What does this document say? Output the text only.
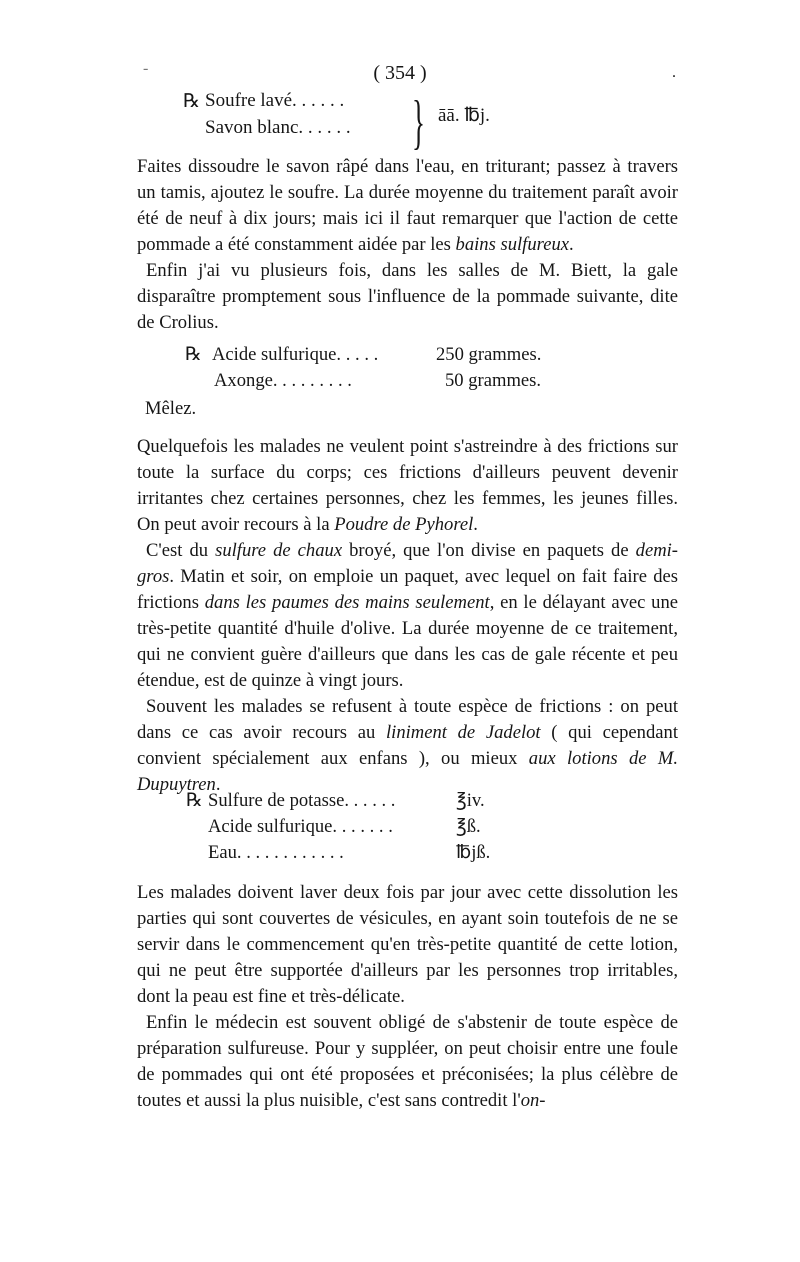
-	( 354 )	.
℞ Soufre lavé. . . . . .
Savon blanc. . . . . . } āā. ℔j.

Faites dissoudre le savon râpé dans l'eau, en triturant; passez à travers un tamis, ajoutez le soufre. La durée moyenne du traitement paraît avoir été de neuf à dix jours; mais ici il faut remarquer que l'action de cette pommade a été constamment aidée par les bains sulfureux.

Enfin j'ai vu plusieurs fois, dans les salles de M. Biett, la gale disparaître promptement sous l'influence de la pommade suivante, dite de Crolius.

℞ Acide sulfurique. . . . .	250 grammes.
Axonge. . . . . . . . .	50 grammes.
Mêlez.

Quelquefois les malades ne veulent point s'astreindre à des frictions sur toute la surface du corps; ces frictions d'ailleurs peuvent devenir irritantes chez certaines personnes, chez les femmes, les jeunes filles. On peut avoir recours à la Poudre de Pyhorel.

C'est du sulfure de chaux broyé, que l'on divise en paquets de demi-gros. Matin et soir, on emploie un paquet, avec lequel on fait faire des frictions dans les paumes des mains seulement, en le délayant avec une très-petite quantité d'huile d'olive. La durée moyenne de ce traitement, qui ne convient guère d'ailleurs que dans les cas de gale récente et peu étendue, est de quinze à vingt jours.

Souvent les malades se refusent à toute espèce de frictions : on peut dans ce cas avoir recours au liniment de Jadelot ( qui cependant convient spécialement aux enfans ), ou mieux aux lotions de M. Dupuytren.

℞ Sulfure de potasse. . . . . .	℥iv.
Acide sulfurique. . . . . . .	℥ß.
Eau. . . . . . . . . . . .	℔jß.

Les malades doivent laver deux fois par jour avec cette dissolution les parties qui sont couvertes de vésicules, en ayant soin toutefois de ne se servir dans le commencement qu'en très-petite quantité de cette lotion, qui ne peut être supportée d'ailleurs par les personnes trop irritables, dont la peau est fine et très-délicate.

Enfin le médecin est souvent obligé de s'abstenir de toute espèce de préparation sulfureuse. Pour y suppléer, on peut choisir entre une foule de pommades qui ont été proposées et préconisées; la plus célèbre de toutes et aussi la plus nuisible, c'est sans contredit l'on-
